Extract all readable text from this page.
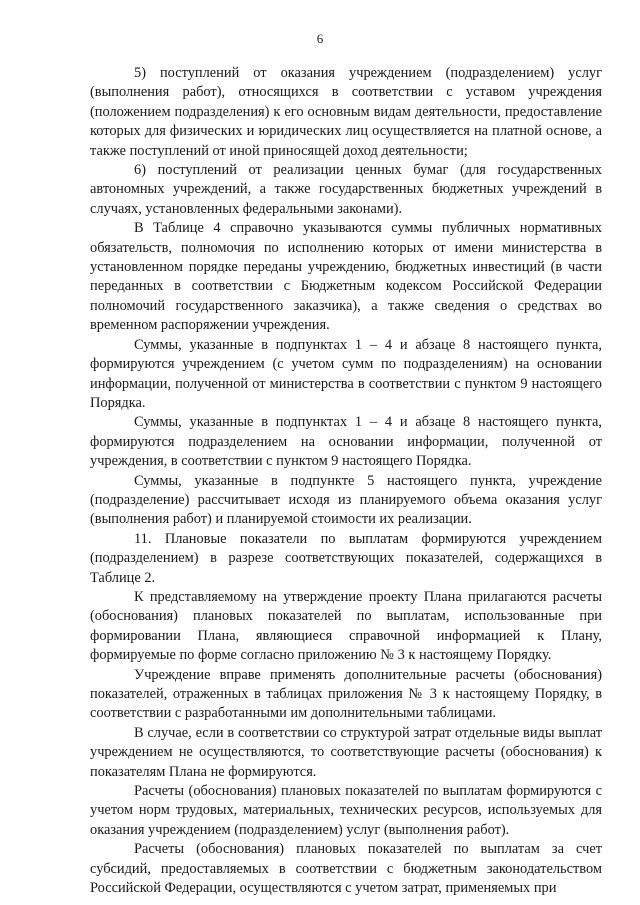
6

5) поступлений от оказания учреждением (подразделением) услуг (выполнения работ), относящихся в соответствии с уставом учреждения (положением подразделения) к его основным видам деятельности, предоставление которых для физических и юридических лиц осуществляется на платной основе, а также поступлений от иной приносящей доход деятельности;

6) поступлений от реализации ценных бумаг (для государственных автономных учреждений, а также государственных бюджетных учреждений в случаях, установленных федеральными законами).

В Таблице 4 справочно указываются суммы публичных нормативных обязательств, полномочия по исполнению которых от имени министерства в установленном порядке переданы учреждению, бюджетных инвестиций (в части переданных в соответствии с Бюджетным кодексом Российской Федерации полномочий государственного заказчика), а также сведения о средствах во временном распоряжении учреждения.

Суммы, указанные в подпунктах 1 – 4 и абзаце 8 настоящего пункта, формируются учреждением (с учетом сумм по подразделениям) на основании информации, полученной от министерства в соответствии с пунктом 9 настоящего Порядка.

Суммы, указанные в подпунктах 1 – 4 и абзаце 8 настоящего пункта, формируются подразделением на основании информации, полученной от учреждения, в соответствии с пунктом 9 настоящего Порядка.

Суммы, указанные в подпункте 5 настоящего пункта, учреждение (подразделение) рассчитывает исходя из планируемого объема оказания услуг (выполнения работ) и планируемой стоимости их реализации.

11. Плановые показатели по выплатам формируются учреждением (подразделением) в разрезе соответствующих показателей, содержащихся в Таблице 2.

К представляемому на утверждение проекту Плана прилагаются расчеты (обоснования) плановых показателей по выплатам, использованные при формировании Плана, являющиеся справочной информацией к Плану, формируемые по форме согласно приложению № 3 к настоящему Порядку.

Учреждение вправе применять дополнительные расчеты (обоснования) показателей, отраженных в таблицах приложения № 3 к настоящему Порядку, в соответствии с разработанными им дополнительными таблицами.

В случае, если в соответствии со структурой затрат отдельные виды выплат учреждением не осуществляются, то соответствующие расчеты (обоснования) к показателям Плана не формируются.

Расчеты (обоснования) плановых показателей по выплатам формируются с учетом норм трудовых, материальных, технических ресурсов, используемых для оказания учреждением (подразделением) услуг (выполнения работ).

Расчеты (обоснования) плановых показателей по выплатам за счет субсидий, предоставляемых в соответствии с бюджетным законодательством Российской Федерации, осуществляются с учетом затрат, применяемых при
